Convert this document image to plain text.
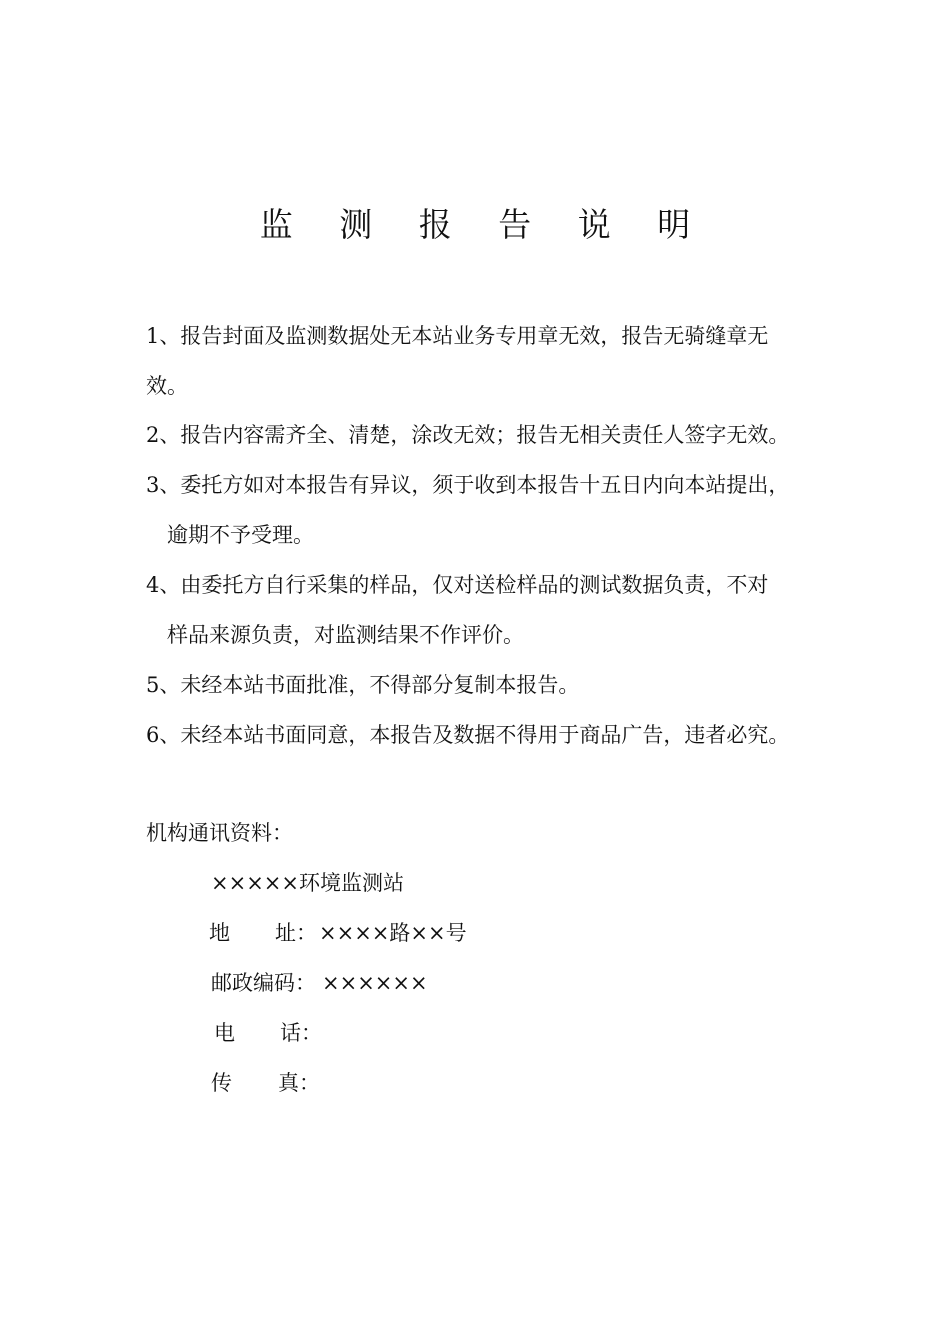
监 测 报 告 说 明
1、报告封面及监测数据处无本站业务专用章无效，报告无骑缝章无
效。
2、报告内容需齐全、清楚，涂改无效；报告无相关责任人签字无效。
3、委托方如对本报告有异议，须于收到本报告十五日内向本站提出，
逾期不予受理。
4、由委托方自行采集的样品，仅对送检样品的测试数据负责，不对
样品来源负责，对监测结果不作评价。
5、未经本站书面批准，不得部分复制本报告。
6、未经本站书面同意，本报告及数据不得用于商品广告，违者必究。
机构通讯资料：
×××××环境监测站
地 址： ××××路××号
邮政编码： ××××××
电 话：
传 真：
